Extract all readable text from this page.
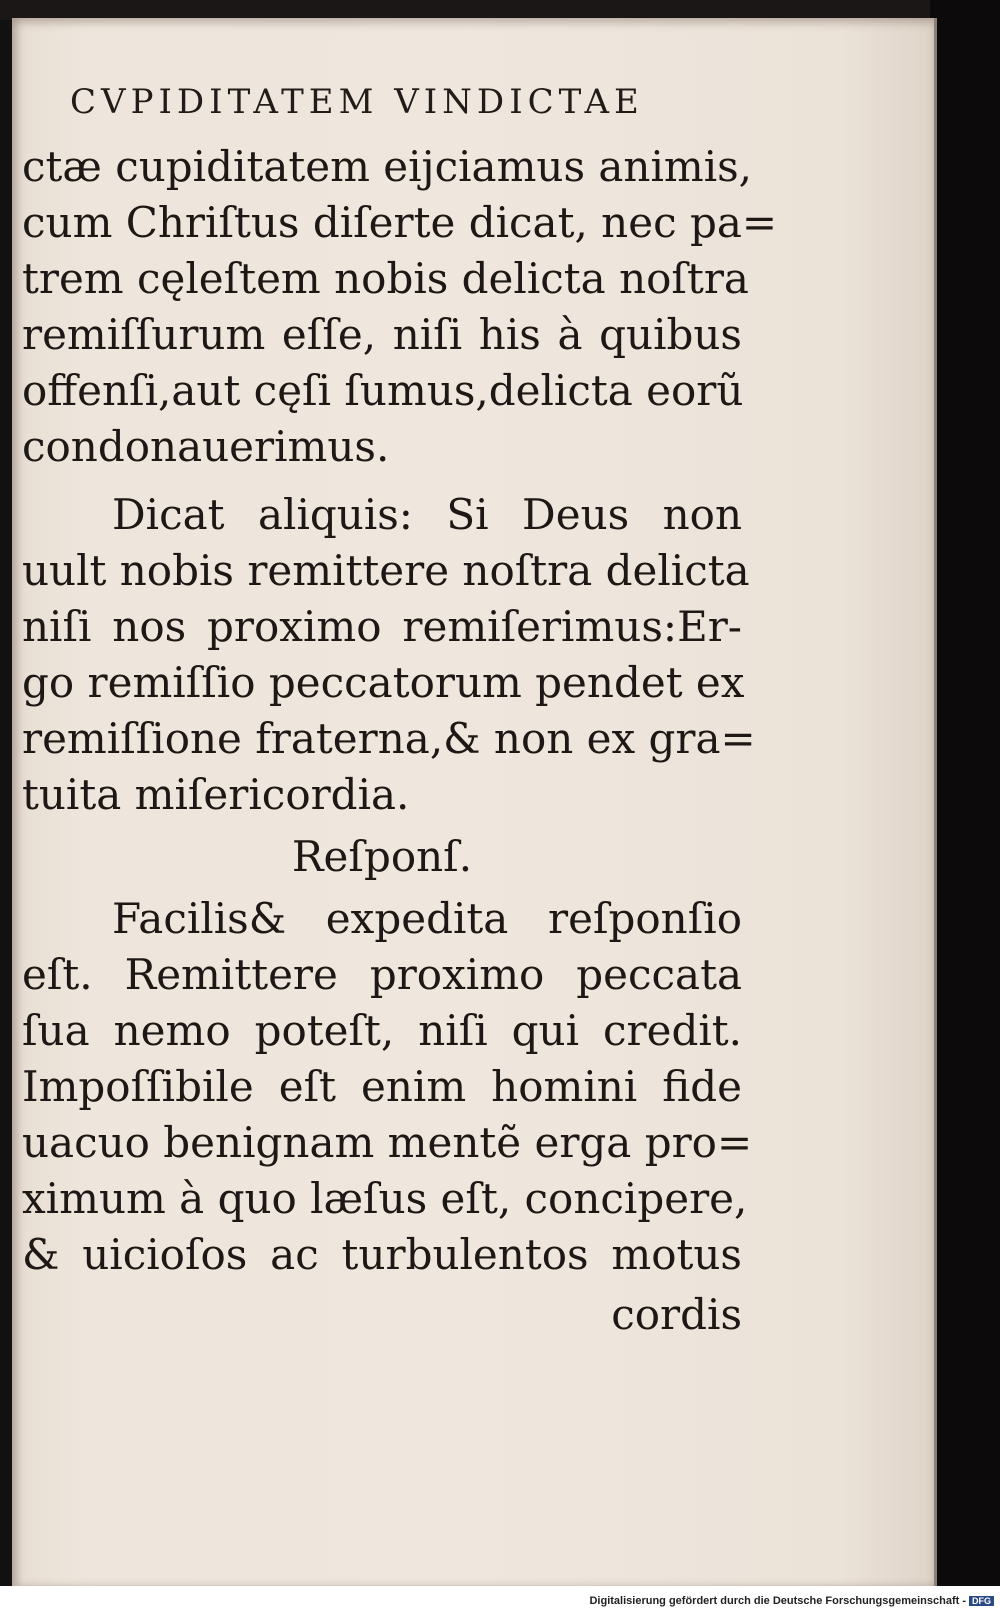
CVPIDITATEM VINDICTAE
ctæ cupiditatem eijciamus animis,
cum Chriſtus diſerte dicat, nec pa=
trem cęleſtem nobis delicta noſtra
remiſſurum eſſe, niſi his à quibus
offenſi,aut cęſi ſumus,delicta eorũ
condonauerimus.
Dicat aliquis: Si Deus non
uult nobis remittere noſtra delicta
niſi nos proximo remiſerimus:Er-
go remiſſio peccatorum pendet ex
remiſſione fraterna,& non ex gra=
tuita miſericordia.
Reſponſ.
Facilis& expedita reſponſio
eſt. Remittere proximo peccata
ſua nemo poteſt, niſi qui credit.
Impoſſibile eſt enim homini fide
uacuo benignam mentẽ erga pro=
ximum à quo læſus eſt, concipere,
& uicioſos ac turbulentos motus
cordis
Digitalisierung gefördert durch die Deutsche Forschungsgemeinschaft - DFG
